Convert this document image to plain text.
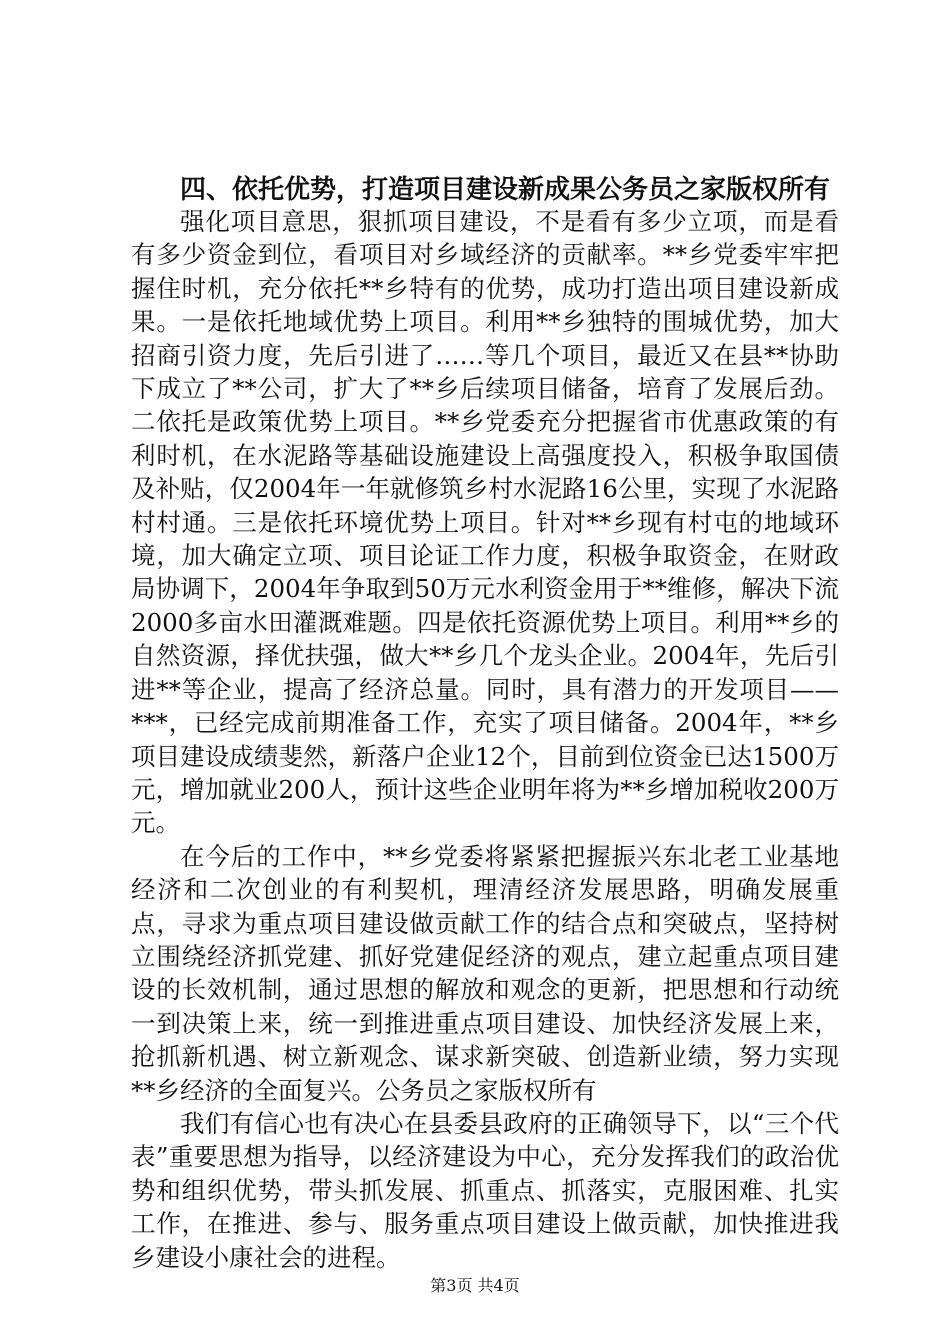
四、依托优势，打造项目建设新成果公务员之家版权所有

强化项目意思，狠抓项目建设，不是看有多少立项，而是看有多少资金到位，看项目对乡域经济的贡献率。**乡党委牢牢把握住时机，充分依托**乡特有的优势，成功打造出项目建设新成果。一是依托地域优势上项目。利用**乡独特的围城优势，加大招商引资力度，先后引进了……等几个项目，最近又在县**协助下成立了**公司，扩大了**乡后续项目储备，培育了发展后劲。二依托是政策优势上项目。**乡党委充分把握省市优惠政策的有利时机，在水泥路等基础设施建设上高强度投入，积极争取国债及补贴，仅2004年一年就修筑乡村水泥路16公里，实现了水泥路村村通。三是依托环境优势上项目。针对**乡现有村屯的地域环境，加大确定立项、项目论证工作力度，积极争取资金，在财政局协调下，2004年争取到50万元水利资金用于**维修，解决下流2000多亩水田灌溉难题。四是依托资源优势上项目。利用**乡的自然资源，择优扶强，做大**乡几个龙头企业。2004年，先后引进**等企业，提高了经济总量。同时，具有潜力的开发项目——***，已经完成前期准备工作，充实了项目储备。2004年，**乡项目建设成绩斐然，新落户企业12个，目前到位资金已达1500万元，增加就业200人，预计这些企业明年将为**乡增加税收200万元。

在今后的工作中，**乡党委将紧紧把握振兴东北老工业基地经济和二次创业的有利契机，理清经济发展思路，明确发展重点，寻求为重点项目建设做贡献工作的结合点和突破点，坚持树立围绕经济抓党建、抓好党建促经济的观点，建立起重点项目建设的长效机制，通过思想的解放和观念的更新，把思想和行动统一到决策上来，统一到推进重点项目建设、加快经济发展上来，抢抓新机遇、树立新观念、谋求新突破、创造新业绩，努力实现**乡经济的全面复兴。公务员之家版权所有

我们有信心也有决心在县委县政府的正确领导下，以“三个代表”重要思想为指导，以经济建设为中心，充分发挥我们的政治优势和组织优势，带头抓发展、抓重点、抓落实，克服困难、扎实工作，在推进、参与、服务重点项目建设上做贡献，加快推进我乡建设小康社会的进程。

第3页 共4页
